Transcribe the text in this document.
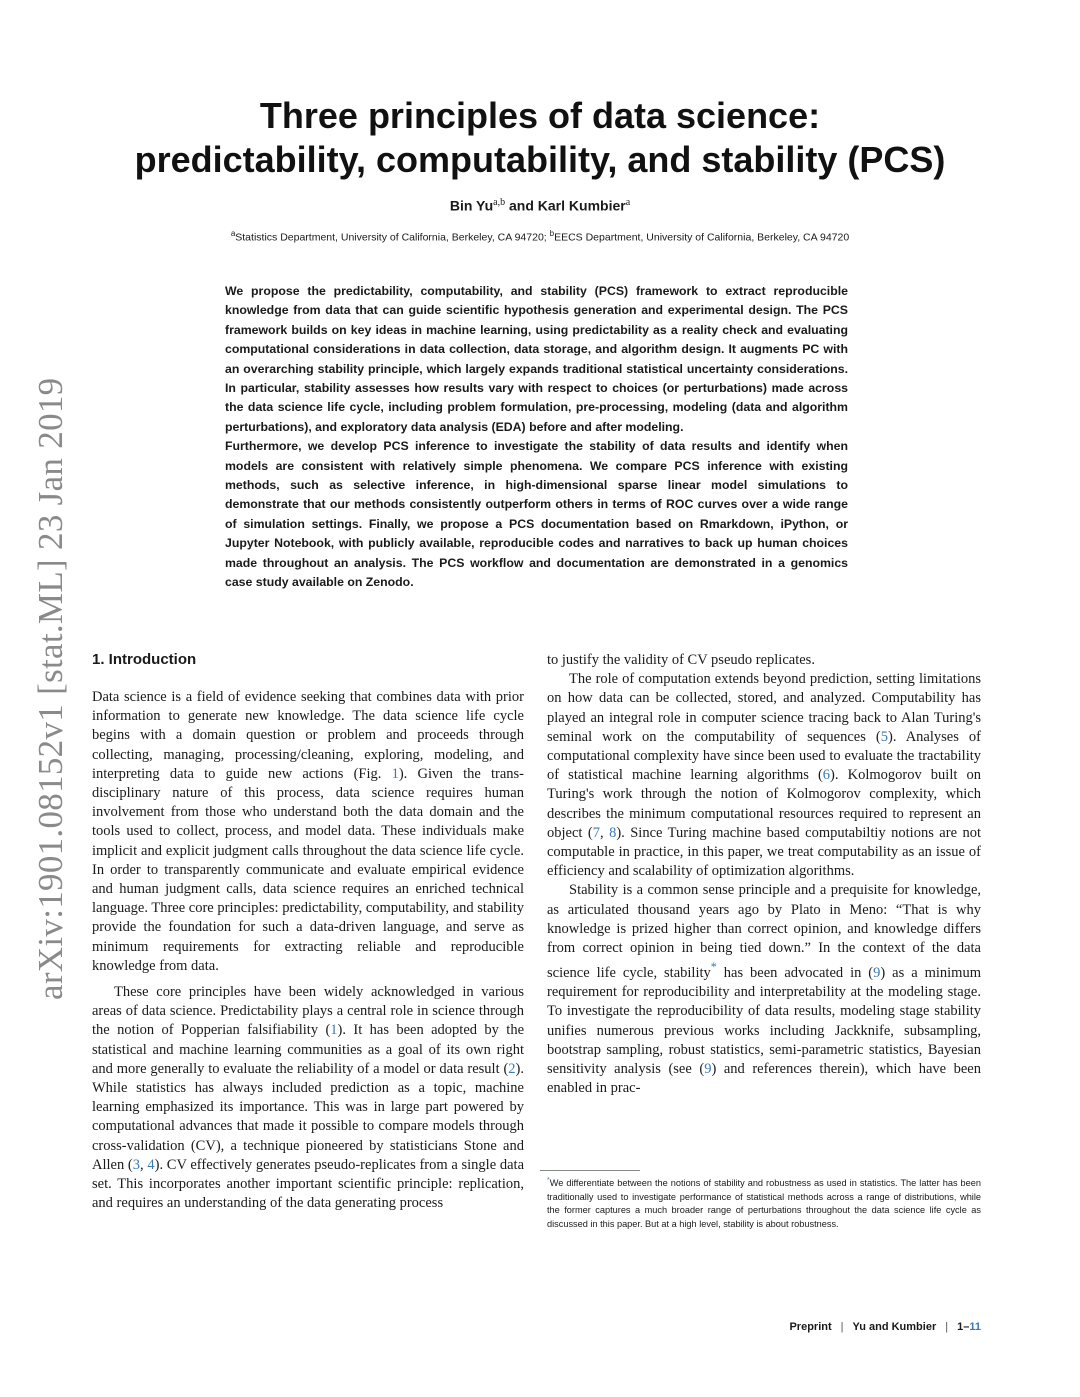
arXiv:1901.08152v1 [stat.ML] 23 Jan 2019
Three principles of data science:
predictability, computability, and stability (PCS)
Bin Yu$^{a,b}$ and Karl Kumbier$^a$
$^a$Statistics Department, University of California, Berkeley, CA 94720; $^b$EECS Department, University of California, Berkeley, CA 94720

We propose the predictability, computability, and stability (PCS) framework to extract reproducible knowledge from data that can guide scientific hypothesis generation and experimental design. The PCS framework builds on key ideas in machine learning, using predictability as a reality check and evaluating computational considerations in data collection, data storage, and algorithm design. It augments PC with an overarching stability principle, which largely expands traditional statistical uncertainty considerations. In particular, stability assesses how results vary with respect to choices (or perturbations) made across the data science life cycle, including problem formulation, pre-processing, modeling (data and algorithm perturbations), and exploratory data analysis (EDA) before and after modeling.

Furthermore, we develop PCS inference to investigate the stability of data results and identify when models are consistent with relatively simple phenomena. We compare PCS inference with existing methods, such as selective inference, in high-dimensional sparse linear model simulations to demonstrate that our methods consistently outperform others in terms of ROC curves over a wide range of simulation settings. Finally, we propose a PCS documentation based on Rmarkdown, iPython, or Jupyter Notebook, with publicly available, reproducible codes and narratives to back up human choices made throughout an analysis. The PCS workflow and documentation are demonstrated in a genomics case study available on Zenodo.

1. Introduction

Data science is a field of evidence seeking that combines data with prior information to generate new knowledge. The data science life cycle begins with a domain question or problem and proceeds through collecting, managing, processing/cleaning, exploring, modeling, and interpreting data to guide new actions (Fig. 1). Given the trans-disciplinary nature of this process, data science requires human involvement from those who understand both the data domain and the tools used to collect, process, and model data. These individuals make implicit and explicit judgment calls throughout the data science life cycle. In order to transparently communicate and evaluate empirical evidence and human judgment calls, data science requires an enriched technical language. Three core principles: predictability, computability, and stability provide the foundation for such a data-driven language, and serve as minimum requirements for extracting reliable and reproducible knowledge from data.

These core principles have been widely acknowledged in various areas of data science. Predictability plays a central role in science through the notion of Popperian falsifiability (1). It has been adopted by the statistical and machine learning communities as a goal of its own right and more generally to evaluate the reliability of a model or data result (2). While statistics has always included prediction as a topic, machine learning emphasized its importance. This was in large part powered by computational advances that made it possible to compare models through cross-validation (CV), a technique pioneered by statisticians Stone and Allen (3, 4). CV effectively generates pseudo-replicates from a single data set. This incorporates another important scientific principle: replication, and requires an understanding of the data generating process

to justify the validity of CV pseudo replicates.

The role of computation extends beyond prediction, setting limitations on how data can be collected, stored, and analyzed. Computability has played an integral role in computer science tracing back to Alan Turing's seminal work on the computability of sequences (5). Analyses of computational complexity have since been used to evaluate the tractability of statistical machine learning algorithms (6). Kolmogorov built on Turing's work through the notion of Kolmogorov complexity, which describes the minimum computational resources required to represent an object (7, 8). Since Turing machine based computabiltiy notions are not computable in practice, in this paper, we treat computability as an issue of efficiency and scalability of optimization algorithms.

Stability is a common sense principle and a prequisite for knowledge, as articulated thousand years ago by Plato in Meno: “That is why knowledge is prized higher than correct opinion, and knowledge differs from correct opinion in being tied down.” In the context of the data science life cycle, stability* has been advocated in (9) as a minimum requirement for reproducibility and interpretability at the modeling stage. To investigate the reproducibility of data results, modeling stage stability unifies numerous previous works including Jackknife, subsampling, bootstrap sampling, robust statistics, semi-parametric statistics, Bayesian sensitivity analysis (see (9) and references therein), which have been enabled in prac-

*We differentiate between the notions of stability and robustness as used in statistics. The latter has been traditionally used to investigate performance of statistical methods across a range of distributions, while the former captures a much broader range of perturbations throughout the data science life cycle as discussed in this paper. But at a high level, stability is about robustness.
Preprint | Yu and Kumbier | 1–11
